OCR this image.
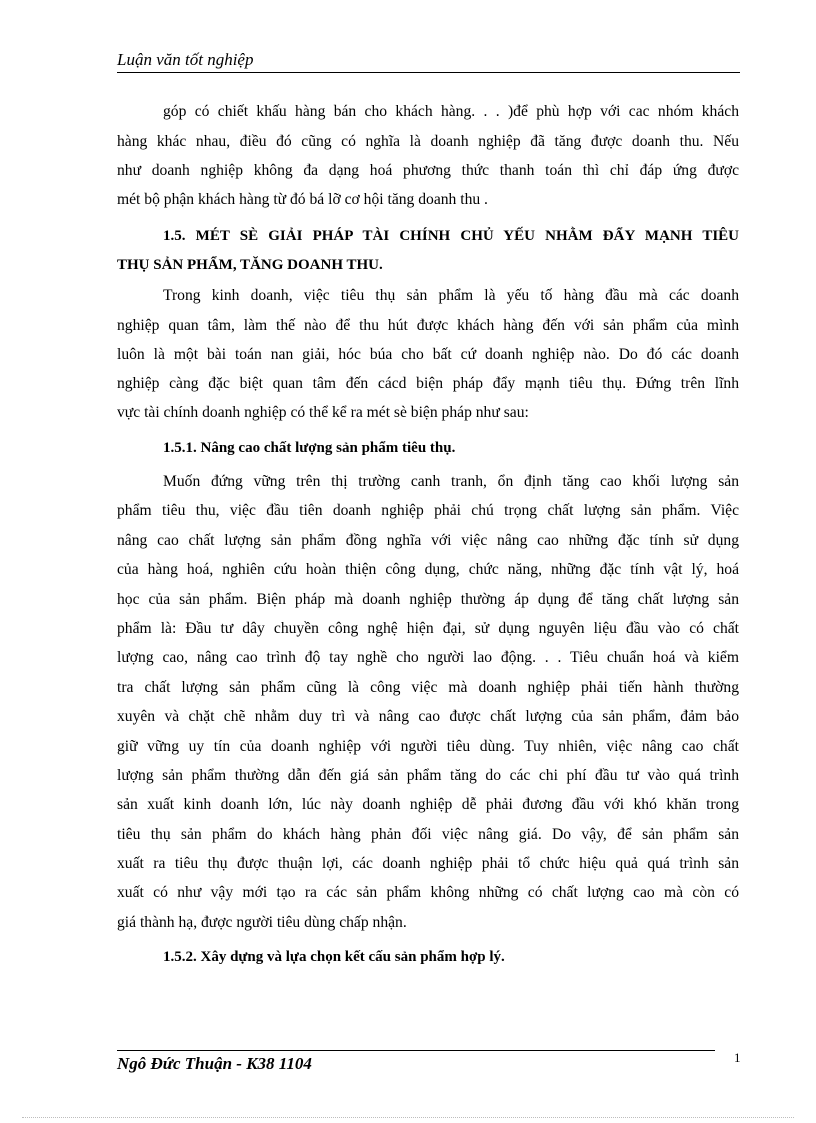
Luận văn tốt nghiệp
góp có chiết khấu hàng bán cho khách hàng. . . )để phù hợp với cac nhóm khách
hàng khác nhau, điều đó cũng có nghĩa là doanh nghiệp đã tăng được doanh thu. Nếu
như doanh nghiệp không đa dạng hoá phương thức thanh toán thì chỉ đáp ứng được
mét bộ phận khách hàng từ đó bá lỡ cơ hội tăng doanh thu .
1.5. MÉT SÈ GIẢI PHÁP TÀI CHÍNH CHỦ YẾU NHẰM ĐẨY MẠNH TIÊU
THỤ SẢN PHẨM, TĂNG DOANH THU.
Trong kinh doanh, việc tiêu thụ sản phẩm là yếu tố hàng đầu mà các doanh
nghiệp quan tâm, làm thế nào để thu hút được khách hàng đến với sản phẩm của mình
luôn là một bài toán nan giải, hóc búa cho bất cứ doanh nghiệp nào. Do đó các doanh
nghiệp càng đặc biệt quan tâm đến cácd biện pháp đẩy mạnh tiêu thụ. Đứng trên lĩnh
vực tài chính doanh nghiệp có thể kể ra mét sè biện pháp như sau:
1.5.1. Nâng cao chất lượng sản phẩm tiêu thụ.
Muốn đứng vững trên thị trường canh tranh, ổn định tăng cao khối lượng sản
phẩm tiêu thu, việc đầu tiên doanh nghiệp phải chú trọng chất lượng sản phẩm. Việc
nâng cao chất lượng sản phẩm đồng nghĩa với việc nâng cao những đặc tính sử dụng
của hàng hoá, nghiên cứu hoàn thiện công dụng, chức năng, những đặc tính vật lý, hoá
học của sản phẩm. Biện pháp mà doanh nghiệp thường áp dụng để tăng chất lượng sản
phẩm là: Đầu tư dây chuyền công nghệ hiện đại, sử dụng nguyên liệu đầu vào có chất
lượng cao, nâng cao trình độ tay nghề cho người lao động. . . Tiêu chuẩn hoá và kiểm
tra chất lượng sản phẩm cũng là công việc mà doanh nghiệp phải tiến hành thường
xuyên và chặt chẽ nhằm duy trì và nâng cao được chất lượng của sản phẩm, đảm bảo
giữ vững uy tín của doanh nghiệp với người tiêu dùng. Tuy nhiên, việc nâng cao chất
lượng sản phẩm thường dẫn đến giá sản phẩm tăng do các chi phí đầu tư vào quá trình
sản xuất kinh doanh lớn, lúc này doanh nghiệp dễ phải đương đầu với khó khăn trong
tiêu thụ sản phẩm do khách hàng phản đối việc nâng giá. Do vậy, để sản phẩm sản
xuất ra tiêu thụ được thuận lợi, các doanh nghiệp phải tổ chức hiệu quả quá trình sản
xuất có như vậy mới tạo ra các sản phẩm không những có chất lượng cao mà còn có
giá thành hạ, được người tiêu dùng chấp nhận.
1.5.2. Xây dựng và lựa chọn kết cấu sản phẩm hợp lý.
Ngô Đức Thuận - K38 1104	1
